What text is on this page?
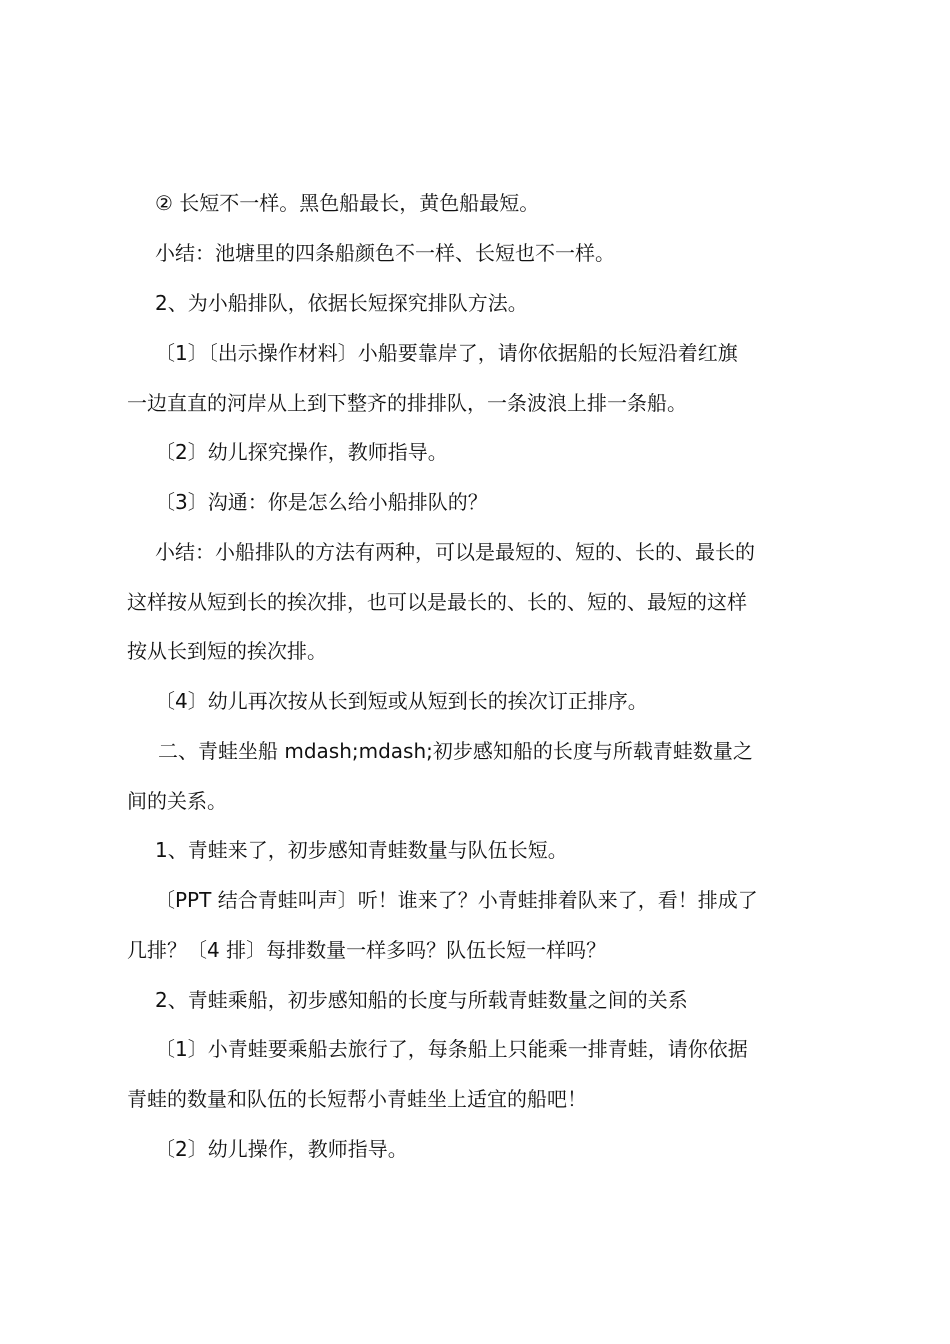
② 长短不一样。黑色船最长，黄色船最短。
小结：池塘里的四条船颜色不一样、长短也不一样。
2、为小船排队，依据长短探究排队方法。
〔1〕〔出示操作材料〕小船要靠岸了，请你依据船的长短沿着红旗
一边直直的河岸从上到下整齐的排排队，一条波浪上排一条船。
〔2〕幼儿探究操作，教师指导。
〔3〕沟通：你是怎么给小船排队的？
小结：小船排队的方法有两种，可以是最短的、短的、长的、最长的
这样按从短到长的挨次排，也可以是最长的、长的、短的、最短的这样
按从长到短的挨次排。
〔4〕幼儿再次按从长到短或从短到长的挨次订正排序。
二、青蛙坐船 mdash;mdash;初步感知船的长度与所载青蛙数量之
间的关系。
1、青蛙来了，初步感知青蛙数量与队伍长短。
〔PPT 结合青蛙叫声〕听！谁来了？小青蛙排着队来了，看！排成了
几排？〔4 排〕每排数量一样多吗？队伍长短一样吗？
2、青蛙乘船，初步感知船的长度与所载青蛙数量之间的关系
〔1〕小青蛙要乘船去旅行了，每条船上只能乘一排青蛙，请你依据
青蛙的数量和队伍的长短帮小青蛙坐上适宜的船吧！
〔2〕幼儿操作，教师指导。
